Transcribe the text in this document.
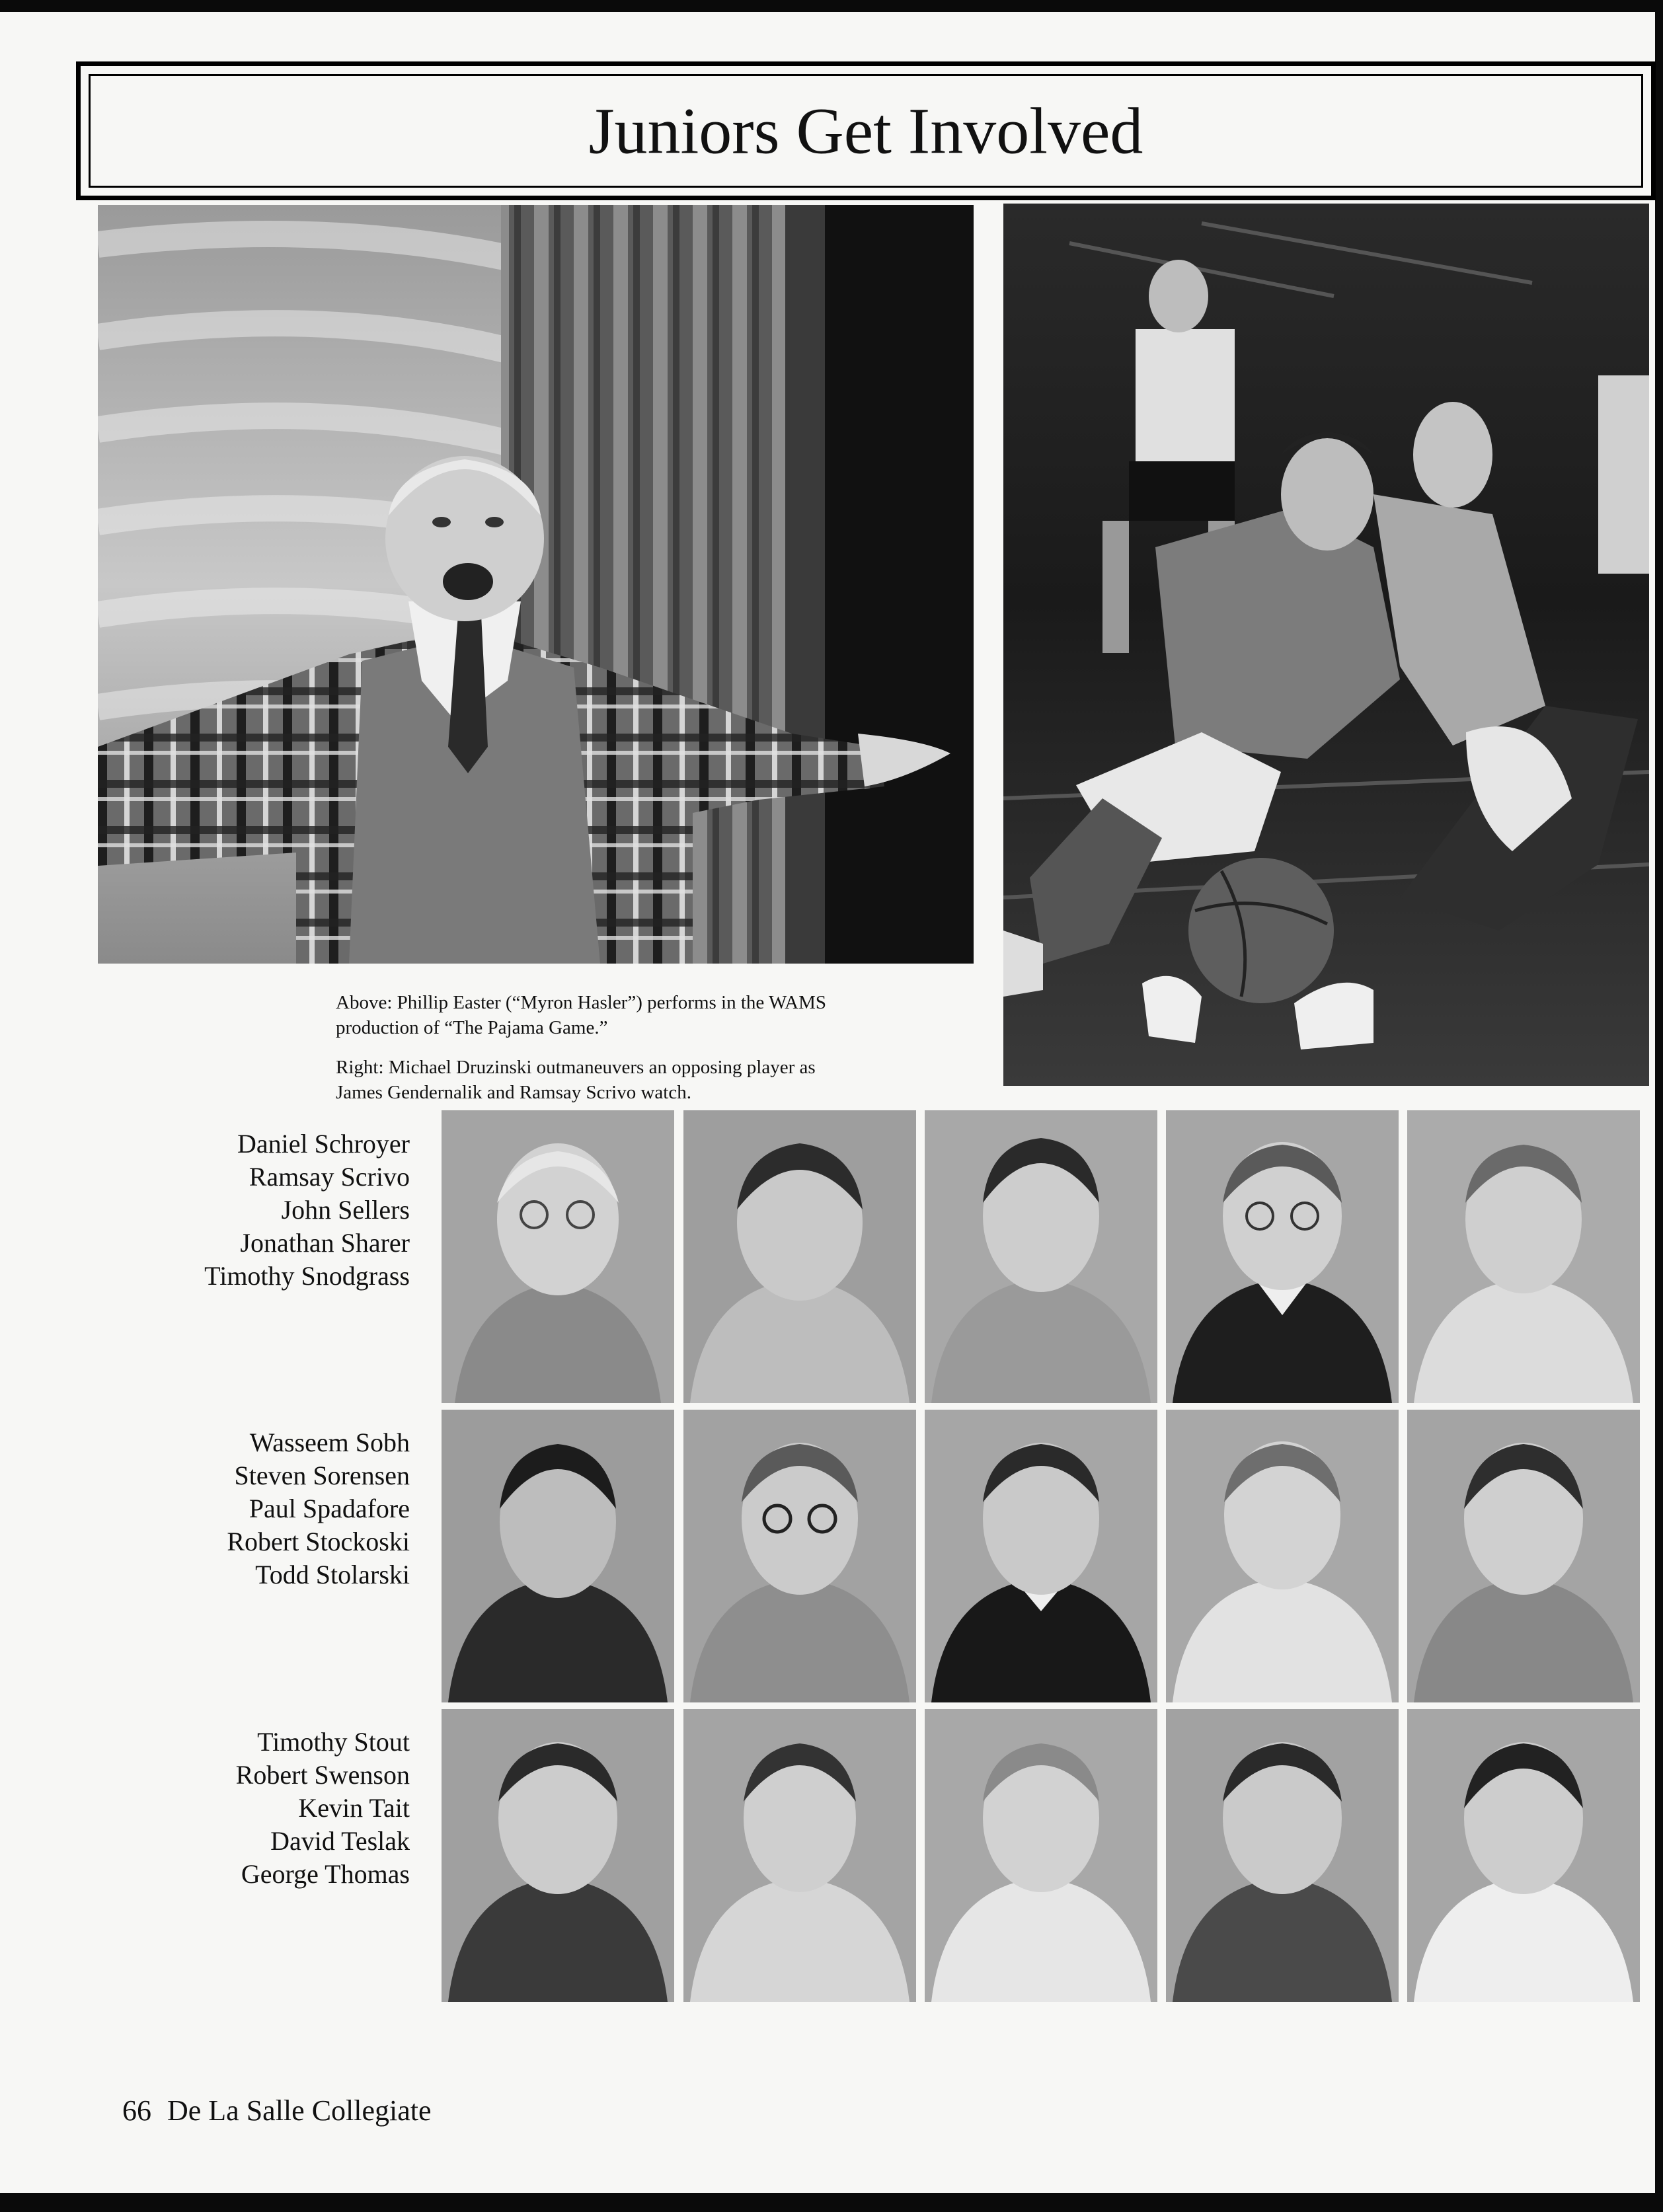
Juniors Get Involved

Above: Phillip Easter (“Myron Hasler”) performs in the WAMS production of “The Pajama Game.”

Right: Michael Druzinski outmaneuvers an opposing player as James Gendernalik and Ramsay Scrivo watch.

Daniel Schroyer
Ramsay Scrivo
John Sellers
Jonathan Sharer
Timothy Snodgrass
Wasseem Sobh
Steven Sorensen
Paul Spadafore
Robert Stockoski
Todd Stolarski
Timothy Stout
Robert Swenson
Kevin Tait
David Teslak
George Thomas
66 De La Salle Collegiate
